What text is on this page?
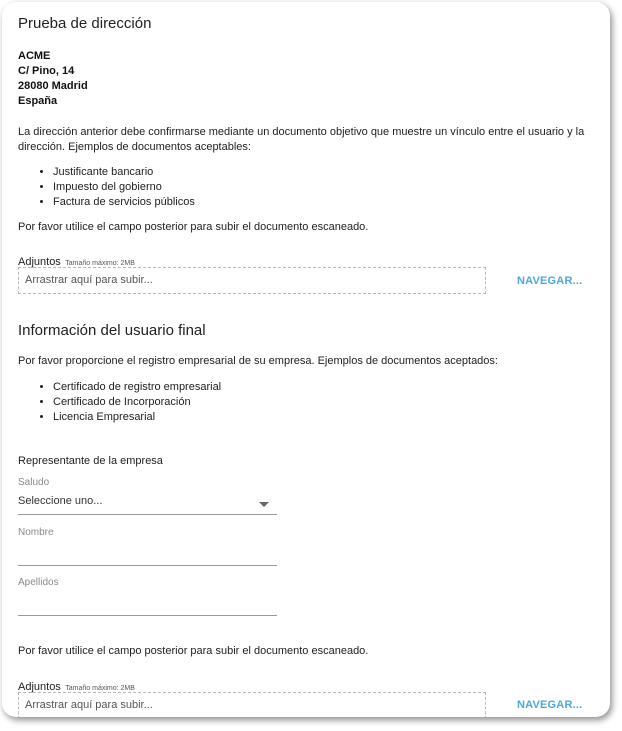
Prueba de dirección
ACME
C/ Pino, 14
28080 Madrid
España
La dirección anterior debe confirmarse mediante un documento objetivo que muestre un vínculo entre el usuario y la dirección. Ejemplos de documentos aceptables:
• Justificante bancario
• Impuesto del gobierno
• Factura de servicios públicos
Por favor utilice el campo posterior para subir el documento escaneado.
Adjuntos Tamaño máximo: 2MB
Arrastrar aquí para subir...	NAVEGAR...
Información del usuario final
Por favor proporcione el registro empresarial de su empresa. Ejemplos de documentos aceptados:
• Certificado de registro empresarial
• Certificado de Incorporación
• Licencia Empresarial
Representante de la empresa
Saludo
Seleccione uno...
Nombre
Apellidos
Por favor utilice el campo posterior para subir el documento escaneado.
Adjuntos Tamaño máximo: 2MB
Arrastrar aquí para subir...	NAVEGAR...
